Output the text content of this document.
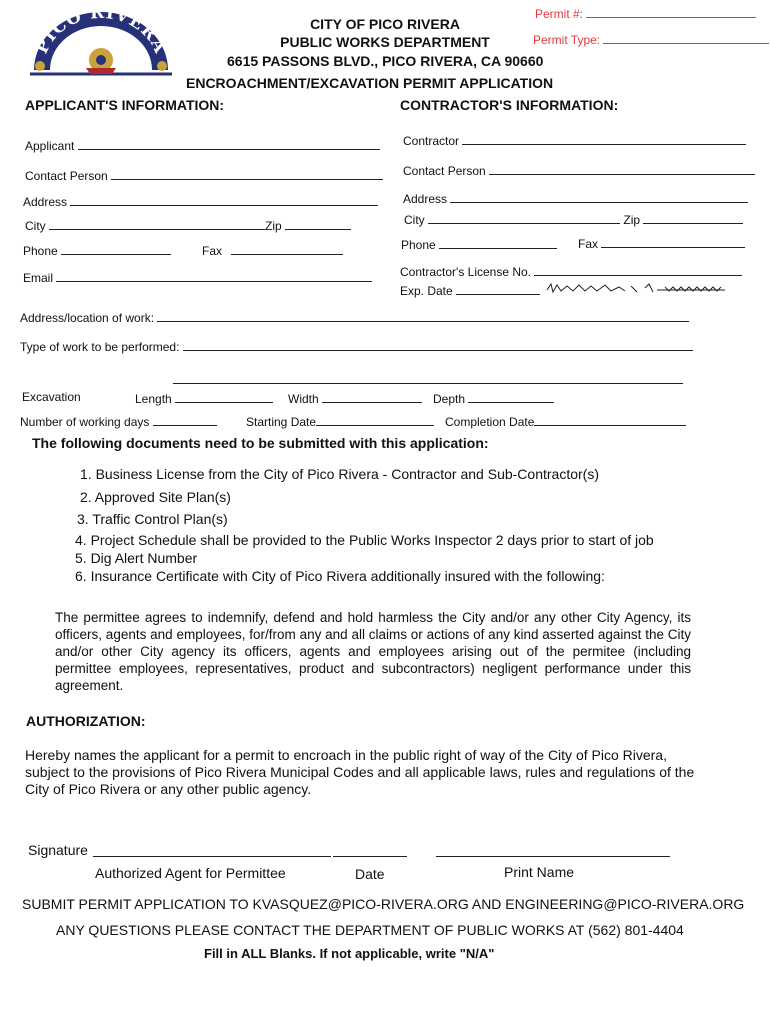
Permit #:
Permit Type:
PICO RIVERA
CITY OF PICO RIVERA
PUBLIC WORKS DEPARTMENT
6615 PASSONS BLVD., PICO RIVERA, CA 90660
ENCROACHMENT/EXCAVATION PERMIT APPLICATION
APPLICANT'S INFORMATION:	CONTRACTOR'S INFORMATION:
Applicant
Contact Person
Address
City	Zip
Phone	Fax
Email
Contractor
Contact Person
Address
City	Zip
Phone	Fax
Contractor's License No.
Exp. Date
Address/location of work:
Type of work to be performed:
Excavation	Length	Width	Depth
Number of working days	Starting Date	Completion Date
The following documents need to be submitted with this application:
1. Business License from the City of Pico Rivera - Contractor and Sub-Contractor(s)
2. Approved Site Plan(s)
3. Traffic Control Plan(s)
4. Project Schedule shall be provided to the Public Works Inspector 2 days prior to start of job
5. Dig Alert Number
6. Insurance Certificate with City of Pico Rivera additionally insured with the following:
The permittee agrees to indemnify, defend and hold harmless the City and/or any other City Agency, its officers, agents and employees, for/from any and all claims or actions of any kind asserted against the City and/or other City agency its officers, agents and employees arising out of the permitee (including permittee employees, representatives, product and subcontractors) negligent performance under this agreement.
AUTHORIZATION:
Hereby names the applicant for a permit to encroach in the public right of way of the City of Pico Rivera, subject to the provisions of Pico Rivera Municipal Codes and all applicable laws, rules and regulations of the City of Pico Rivera or any other public agency.
Signature
Authorized Agent for Permittee	Date	Print Name
SUBMIT PERMIT APPLICATION TO KVASQUEZ@PICO-RIVERA.ORG AND ENGINEERING@PICO-RIVERA.ORG
ANY QUESTIONS PLEASE CONTACT THE DEPARTMENT OF PUBLIC WORKS AT (562) 801-4404
Fill in ALL Blanks. If not applicable, write "N/A"
